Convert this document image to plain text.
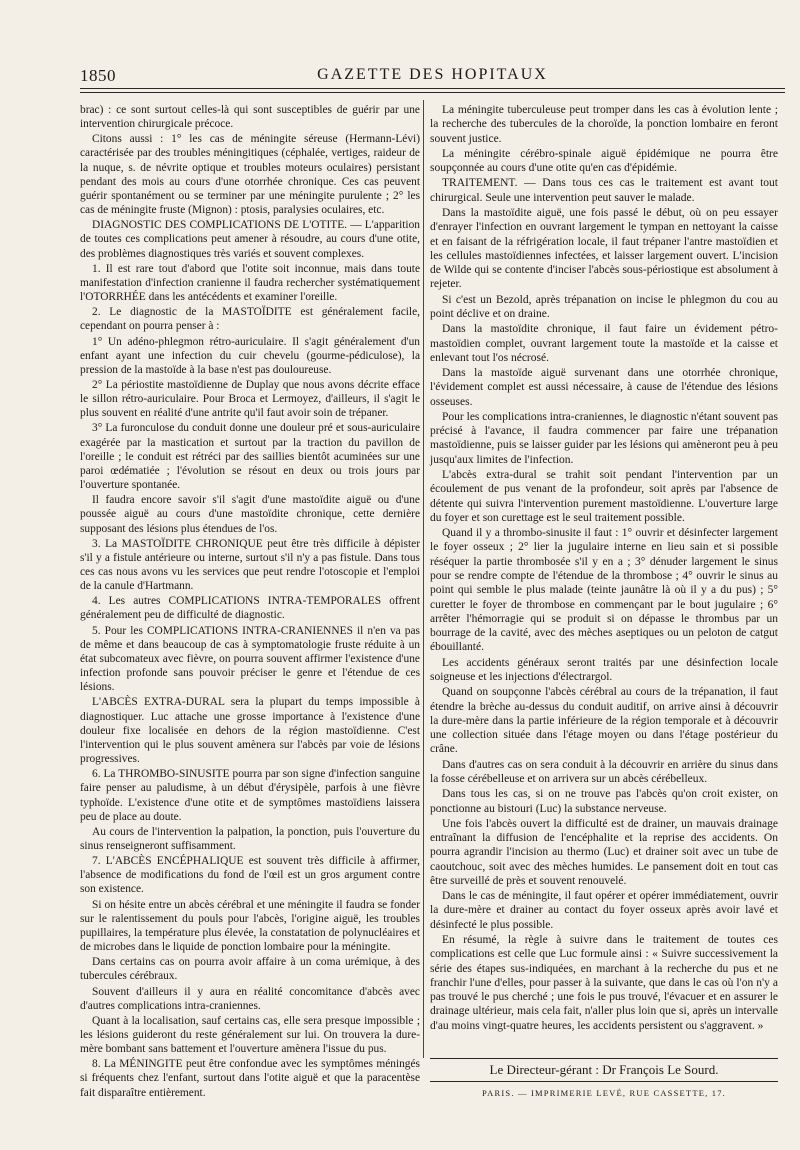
1850	GAZETTE DES HOPITAUX

brac) : ce sont surtout celles-là qui sont susceptibles de guérir par une intervention chirurgicale précoce.

Citons aussi : 1° les cas de méningite séreuse (Hermann-Lévi) caractérisée par des troubles méningitiques (céphalée, vertiges, raideur de la nuque, s. de névrite optique et troubles moteurs oculaires) persistant pendant des mois au cours d'une otorrhée chronique. Ces cas peuvent guérir spontanément ou se terminer par une méningite purulente ; 2° les cas de méningite fruste (Mignon) : ptosis, paralysies oculaires, etc.

DIAGNOSTIC DES COMPLICATIONS DE L'OTITE. — L'apparition de toutes ces complications peut amener à résoudre, au cours d'une otite, des problèmes diagnostiques très variés et souvent complexes.

1. Il est rare tout d'abord que l'otite soit inconnue, mais dans toute manifestation d'infection cranienne il faudra rechercher systématiquement l'OTORRHÉE dans les antécédents et examiner l'oreille.

2. Le diagnostic de la MASTOÏDITE est généralement facile, cependant on pourra penser à :

1° Un adéno-phlegmon rétro-auriculaire. Il s'agit généralement d'un enfant ayant une infection du cuir chevelu (gourme-pédiculose), la pression de la mastoïde à la base n'est pas douloureuse.

2° La périostite mastoïdienne de Duplay que nous avons décrite efface le sillon rétro-auriculaire. Pour Broca et Lermoyez, d'ailleurs, il s'agit le plus souvent en réalité d'une antrite qu'il faut avoir soin de trépaner.

3° La furonculose du conduit donne une douleur pré et sous-auriculaire exagérée par la mastication et surtout par la traction du pavillon de l'oreille ; le conduit est rétréci par des saillies bientôt acuminées sur une paroi œdématiée ; l'évolution se résout en deux ou trois jours par l'ouverture spontanée.

Il faudra encore savoir s'il s'agit d'une mastoïdite aiguë ou d'une poussée aiguë au cours d'une mastoïdite chronique, cette dernière supposant des lésions plus étendues de l'os.

3. La MASTOÏDITE CHRONIQUE peut être très difficile à dépister s'il y a fistule antérieure ou interne, surtout s'il n'y a pas fistule. Dans tous ces cas nous avons vu les services que peut rendre l'otoscopie et l'emploi de la canule d'Hartmann.

4. Les autres COMPLICATIONS INTRA-TEMPORALES offrent généralement peu de difficulté de diagnostic.

5. Pour les COMPLICATIONS INTRA-CRANIENNES il n'en va pas de même et dans beaucoup de cas à symptomatologie fruste réduite à un état subcomateux avec fièvre, on pourra souvent affirmer l'existence d'une infection profonde sans pouvoir préciser le genre et l'étendue de ces lésions.

L'ABCÈS EXTRA-DURAL sera la plupart du temps impossible à diagnostiquer. Luc attache une grosse importance à l'existence d'une douleur fixe localisée en dehors de la région mastoïdienne. C'est l'intervention qui le plus souvent amènera sur l'abcès par voie de lésions progressives.

6. La THROMBO-SINUSITE pourra par son signe d'infection sanguine faire penser au paludisme, à un début d'érysipèle, parfois à une fièvre typhoïde. L'existence d'une otite et de symptômes mastoïdiens laissera peu de place au doute.

Au cours de l'intervention la palpation, la ponction, puis l'ouverture du sinus renseigneront suffisamment.

7. L'ABCÈS ENCÉPHALIQUE est souvent très difficile à affirmer, l'absence de modifications du fond de l'œil est un gros argument contre son existence.

Si on hésite entre un abcès cérébral et une méningite il faudra se fonder sur le ralentissement du pouls pour l'abcès, l'origine aiguë, les troubles pupillaires, la température plus élevée, la constatation de polynucléaires et de microbes dans le liquide de ponction lombaire pour la méningite.

Dans certains cas on pourra avoir affaire à un coma urémique, à des tubercules cérébraux.

Souvent d'ailleurs il y aura en réalité concomitance d'abcès avec d'autres complications intra-craniennes.

Quant à la localisation, sauf certains cas, elle sera presque impossible ; les lésions guideront du reste généralement sur lui. On trouvera la dure-mère bombant sans battement et l'ouverture amènera l'issue du pus.

8. La MÉNINGITE peut être confondue avec les symptômes méningés si fréquents chez l'enfant, surtout dans l'otite aiguë et que la paracentèse fait disparaître entièrement.

La méningite tuberculeuse peut tromper dans les cas à évolution lente ; la recherche des tubercules de la choroïde, la ponction lombaire en feront souvent justice.

La méningite cérébro-spinale aiguë épidémique ne pourra être soupçonnée au cours d'une otite qu'en cas d'épidémie.

TRAITEMENT. — Dans tous ces cas le traitement est avant tout chirurgical. Seule une intervention peut sauver le malade.

Dans la mastoïdite aiguë, une fois passé le début, où on peu essayer d'enrayer l'infection en ouvrant largement le tympan en nettoyant la caisse et en faisant de la réfrigération locale, il faut trépaner l'antre mastoïdien et les cellules mastoïdiennes infectées, et laisser largement ouvert. L'incision de Wilde qui se contente d'inciser l'abcès sous-périostique est absolument à rejeter.

Si c'est un Bezold, après trépanation on incise le phlegmon du cou au point déclive et on draine.

Dans la mastoïdite chronique, il faut faire un évidement pétro-mastoïdien complet, ouvrant largement toute la mastoïde et la caisse et enlevant tout l'os nécrosé.

Dans la mastoïde aiguë survenant dans une otorrhée chronique, l'évidement complet est aussi nécessaire, à cause de l'étendue des lésions osseuses.

Pour les complications intra-craniennes, le diagnostic n'étant souvent pas précisé à l'avance, il faudra commencer par faire une trépanation mastoïdienne, puis se laisser guider par les lésions qui amèneront peu à peu jusqu'aux limites de l'infection.

L'abcès extra-dural se trahit soit pendant l'intervention par un écoulement de pus venant de la profondeur, soit après par l'absence de détente qui suivra l'intervention purement mastoïdienne. L'ouverture large du foyer et son curettage est le seul traitement possible.

Quand il y a thrombo-sinusite il faut : 1° ouvrir et désinfecter largement le foyer osseux ; 2° lier la jugulaire interne en lieu sain et si possible réséquer la partie thrombosée s'il y en a ; 3° dénuder largement le sinus pour se rendre compte de l'étendue de la thrombose ; 4° ouvrir le sinus au point qui semble le plus malade (teinte jaunâtre là où il y a du pus) ; 5° curetter le foyer de thrombose en commençant par le bout jugulaire ; 6° arrêter l'hémorragie qui se produit si on dépasse le thrombus par un bourrage de la cavité, avec des mèches aseptiques ou un peloton de catgut ébouillanté.

Les accidents généraux seront traités par une désinfection locale soigneuse et les injections d'électrargol.

Quand on soupçonne l'abcès cérébral au cours de la trépanation, il faut étendre la brèche au-dessus du conduit auditif, on arrive ainsi à découvrir la dure-mère dans la partie inférieure de la région temporale et à découvrir une collection située dans l'étage moyen ou dans l'étage postérieur du crâne.

Dans d'autres cas on sera conduit à la découvrir en arrière du sinus dans la fosse cérébelleuse et on arrivera sur un abcès cérébelleux.

Dans tous les cas, si on ne trouve pas l'abcès qu'on croit exister, on ponctionne au bistouri (Luc) la substance nerveuse.

Une fois l'abcès ouvert la difficulté est de drainer, un mauvais drainage entraînant la diffusion de l'encéphalite et la reprise des accidents. On pourra agrandir l'incision au thermo (Luc) et drainer soit avec un tube de caoutchouc, soit avec des mèches humides. Le pansement doit en tout cas être surveillé de près et souvent renouvelé.

Dans le cas de méningite, il faut opérer et opérer immédiatement, ouvrir la dure-mère et drainer au contact du foyer osseux après avoir lavé et désinfecté le plus possible.

En résumé, la règle à suivre dans le traitement de toutes ces complications est celle que Luc formule ainsi : « Suivre successivement la série des étapes sus-indiquées, en marchant à la recherche du pus et ne franchir l'une d'elles, pour passer à la suivante, que dans le cas où l'on n'y a pas trouvé le pus cherché ; une fois le pus trouvé, l'évacuer et en assurer le drainage ultérieur, mais cela fait, n'aller plus loin que si, après un intervalle d'au moins vingt-quatre heures, les accidents persistent ou s'aggravent. »

Le Directeur-gérant : Dr François Le Sourd.
PARIS. — IMPRIMERIE LEVÉ, RUE CASSETTE, 17.
